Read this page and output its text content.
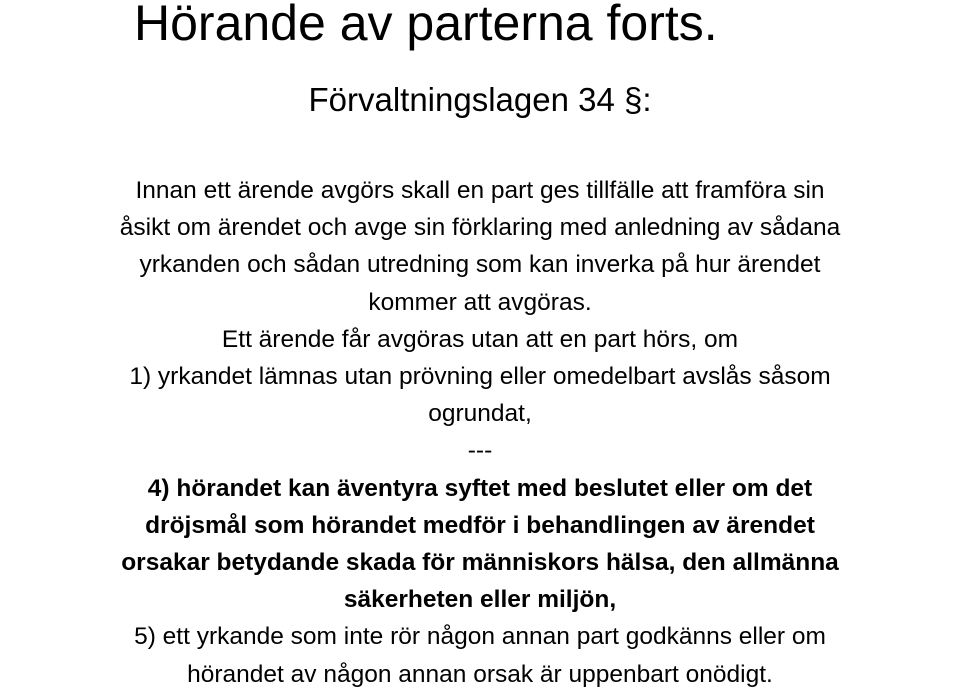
Hörande av parterna forts.
Förvaltningslagen 34 §:
Innan ett ärende avgörs skall en part ges tillfälle att framföra sin
åsikt om ärendet och avge sin förklaring med anledning av sådana
yrkanden och sådan utredning som kan inverka på hur ärendet
kommer att avgöras.
Ett ärende får avgöras utan att en part hörs, om
1) yrkandet lämnas utan prövning eller omedelbart avslås såsom
ogrundat,
---
4) hörandet kan äventyra syftet med beslutet eller om det
dröjsmål som hörandet medför i behandlingen av ärendet
orsakar betydande skada för människors hälsa, den allmänna
säkerheten eller miljön,
5) ett yrkande som inte rör någon annan part godkänns eller om
hörandet av någon annan orsak är uppenbart onödigt.
